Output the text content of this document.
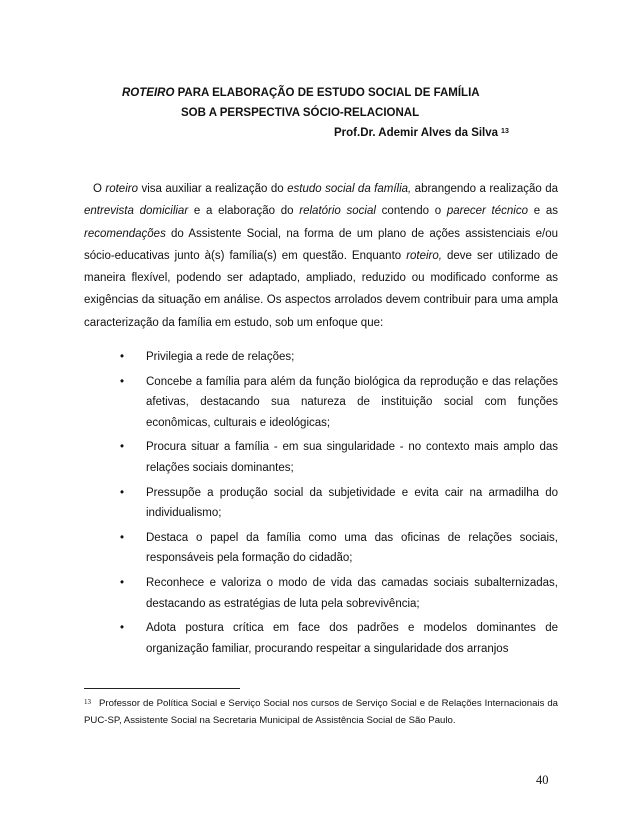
ROTEIRO PARA ELABORAÇÃO DE ESTUDO SOCIAL DE FAMÍLIA
SOB A PERSPECTIVA SÓCIO-RELACIONAL
Prof.Dr. Ademir Alves da Silva $^{13}$
O roteiro visa auxiliar a realização do estudo social da família, abrangendo a realização da entrevista domiciliar e a elaboração do relatório social contendo o parecer técnico e as recomendações do Assistente Social, na forma de um plano de ações assistenciais e/ou sócio-educativas junto à(s) família(s) em questão. Enquanto roteiro, deve ser utilizado de maneira flexível, podendo ser adaptado, ampliado, reduzido ou modificado conforme as exigências da situação em análise. Os aspectos arrolados devem contribuir para uma ampla caracterização da família em estudo, sob um enfoque que:
• Privilegia a rede de relações;
• Concebe a família para além da função biológica da reprodução e das relações afetivas, destacando sua natureza de instituição social com funções econômicas, culturais e ideológicas;
• Procura situar a família - em sua singularidade - no contexto mais amplo das relações sociais dominantes;
• Pressupõe a produção social da subjetividade e evita cair na armadilha do individualismo;
• Destaca o papel da família como uma das oficinas de relações sociais, responsáveis pela formação do cidadão;
• Reconhece e valoriza o modo de vida das camadas sociais subalternizadas, destacando as estratégias de luta pela sobrevivência;
• Adota postura crítica em face dos padrões e modelos dominantes de organização familiar, procurando respeitar a singularidade dos arranjos
$^{13}$ Professor de Política Social e Serviço Social nos cursos de Serviço Social e de Relações Internacionais da PUC-SP, Assistente Social na Secretaria Municipal de Assistência Social de São Paulo.
40
